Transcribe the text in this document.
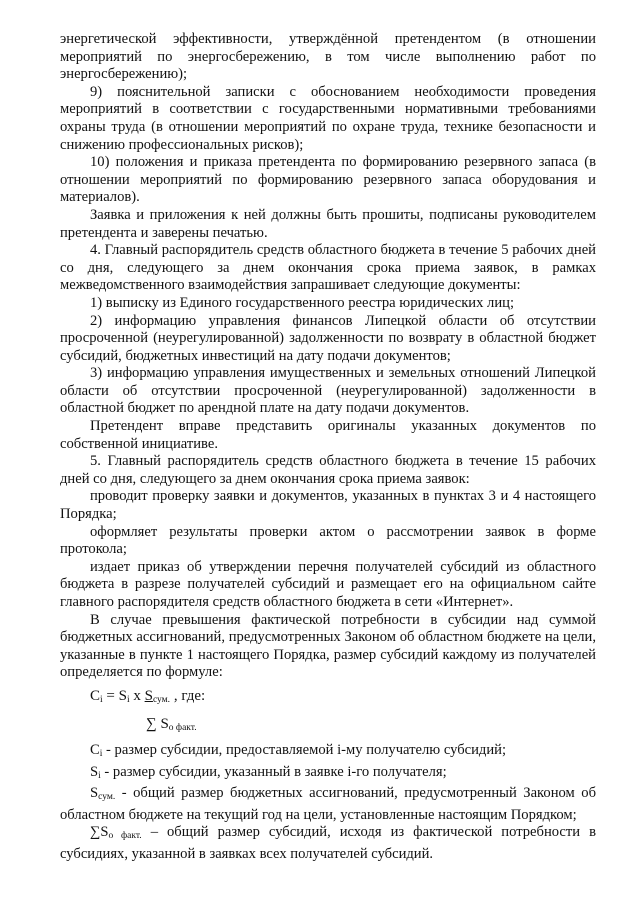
энергетической эффективности, утверждённой претендентом (в отношении мероприятий по энергосбережению, в том числе выполнению работ по энергосбережению);

9) пояснительной записки с обоснованием необходимости проведения мероприятий в соответствии с государственными нормативными требованиями охраны труда (в отношении мероприятий по охране труда, технике безопасности и снижению профессиональных рисков);

10) положения и приказа претендента по формированию резервного запаса (в отношении мероприятий по формированию резервного запаса оборудования и материалов).

Заявка и приложения к ней должны быть прошиты, подписаны руководителем претендента и заверены печатью.

4. Главный распорядитель средств областного бюджета в течение 5 рабочих дней со дня, следующего за днем окончания срока приема заявок, в рамках межведомственного взаимодействия запрашивает следующие документы:

1) выписку из Единого государственного реестра юридических лиц;

2) информацию управления финансов Липецкой области об отсутствии просроченной (неурегулированной) задолженности по возврату в областной бюджет субсидий, бюджетных инвестиций на дату подачи документов;

3) информацию управления имущественных и земельных отношений Липецкой области об отсутствии просроченной (неурегулированной) задолженности в областной бюджет по арендной плате на дату подачи документов.

Претендент вправе представить оригиналы указанных документов по собственной инициативе.

5. Главный распорядитель средств областного бюджета в течение 15 рабочих дней со дня, следующего за днем окончания срока приема заявок:

проводит проверку заявки и документов, указанных в пунктах 3 и 4 настоящего Порядка;

оформляет результаты проверки актом о рассмотрении заявок в форме протокола;

издает приказ об утверждении перечня получателей субсидий из областного бюджета в разрезе получателей субсидий и размещает его на официальном сайте главного распорядителя средств областного бюджета в сети «Интернет».

В случае превышения фактической потребности в субсидии над суммой бюджетных ассигнований, предусмотренных Законом об областном бюджете на цели, указанные в пункте 1 настоящего Порядка, размер субсидий каждому из получателей определяется по формуле:

$C_i = S_i$ x $S_{сум.}$ , где:
∑ $S_{о факт.}$

$C_i$ - размер субсидии, предоставляемой i-му получателю субсидий;

$S_i$ - размер субсидии, указанный в заявке i-го получателя;

$S_{сум.}$ - общий размер бюджетных ассигнований, предусмотренный Законом об областном бюджете на текущий год на цели, установленные настоящим Порядком;

$\sum S_{о факт.}$ – общий размер субсидий, исходя из фактической потребности в субсидиях, указанной в заявках всех получателей субсидий.
